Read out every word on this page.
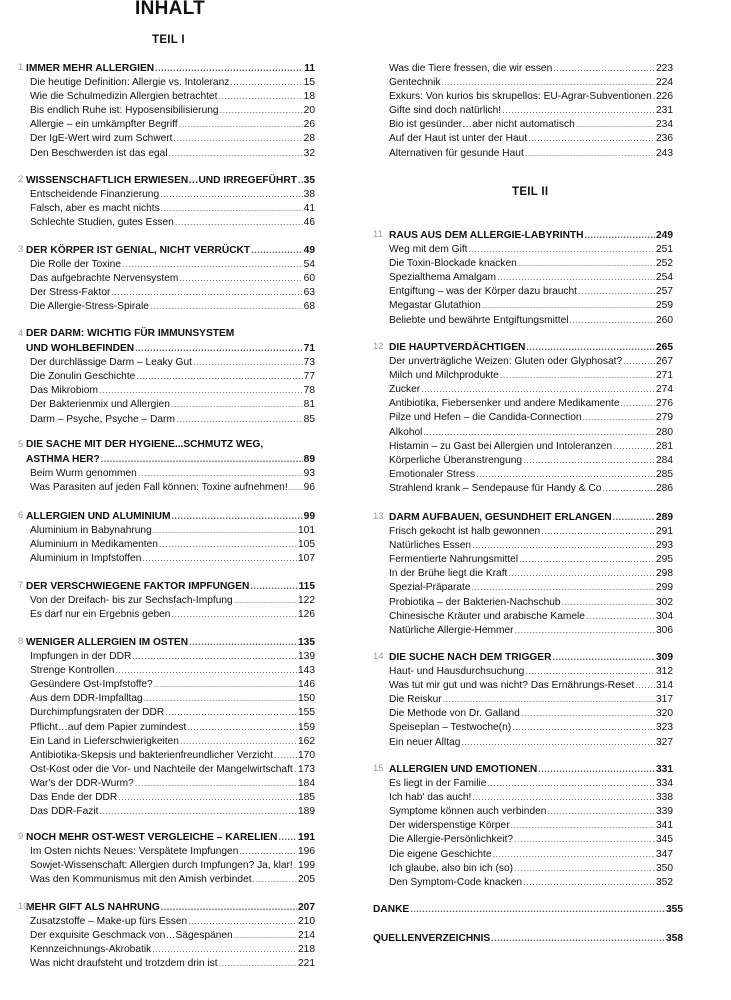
INHALT
TEIL I
1 IMMER MEHR ALLERGIEN .....	11
Die heutige Definition: Allergie vs. Intoleranz .....	15
Wie die Schulmedizin Allergien betrachtet .....	18
Bis endlich Ruhe ist: Hyposensibilisierung .....	20
Allergie – ein umkämpfter Begriff .....	26
Der IgE-Wert wird zum Schwert .....	28
Den Beschwerden ist das egal .....	32
2 WISSENSCHAFTLICH ERWIESEN…UND IRREGEFÜHRT ..... 35
Entscheidende Finanzierung .....	38
Falsch, aber es macht nichts .....	41
Schlechte Studien, gutes Essen .....	46
3 DER KÖRPER IST GENIAL, NICHT VERRÜCKT .....	49
Die Rolle der Toxine .....	54
Das aufgebrachte Nervensystem .....	60
Der Stress-Faktor .....	63
Die Allergie-Stress-Spirale .....	68
4 DER DARM: WICHTIG FÜR IMMUNSYSTEM
UND WOHLBEFINDEN .....	71
Der durchlässige Darm – Leaky Gut .....	73
Die Zonulin Geschichte .....	77
Das Mikrobiom .....	78
Der Bakterienmix und Allergien .....	81
Darm – Psyche, Psyche – Darm .....	85
5 DIE SACHE MIT DER HYGIENE...SCHMUTZ WEG,
ASTHMA HER? .....	89
Beim Wurm genommen .....	93
Was Parasiten auf jeden Fall können: Toxine aufnehmen! ..... 96
6 ALLERGIEN UND ALUMINIUM .....	99
Aluminium in Babynahrung .....	101
Aluminium in Medikamenten .....	105
Aluminium in Impfstoffen .....	107
7 DER VERSCHWIEGENE FAKTOR IMPFUNGEN .....	115
Von der Dreifach- bis zur Sechsfach-Impfung .....	122
Es darf nur ein Ergebnis geben .....	126
8 WENIGER ALLERGIEN IM OSTEN .....	135
Impfungen in der DDR .....	139
Strenge Kontrollen .....	143
Gesündere Ost-Impfstoffe? .....	146
Aus dem DDR-Impfalltag .....	150
Durchimpfungsraten der DDR .....	155
Pflicht…auf dem Papier zumindest .....	159
Ein Land in Lieferschwierigkeiten .....	162
Antibiotika-Skepsis und bakterienfreundlicher Verzicht ..... 170
Ost-Kost oder die Vor- und Nachteile der Mangelwirtschaft ..... 173
War's der DDR-Wurm? .....	184
Das Ende der DDR .....	185
Das DDR-Fazit .....	189
9 NOCH MEHR OST-WEST VERGLEICHE – KARELIEN ..... 191
Im Osten nichts Neues: Verspätete Impfungen .....	196
Sowjet-Wissenschaft: Allergien durch Impfungen? Ja, klar! ..... 199
Was den Kommunismus mit den Amish verbindet .....	205
10
MEHR GIFT ALS NAHRUNG .....	207
Zusatzstoffe – Make-up fürs Essen .....	210
Der exquisite Geschmack von…Sägespänen .....	214
Kennzeichnungs-Akrobatik .....	218
Was nicht draufsteht und trotzdem drin ist .....	221
TEIL II
Was die Tiere fressen, die wir essen .....	223
Gentechnik .....	224
Exkurs: Von kurios bis skrupellos: EU-Agrar-Subventionen ..... 226
Gifte sind doch natürlich! .....	231
Bio ist gesünder…aber nicht automatisch .....	234
Auf der Haut ist unter der Haut .....	236
Alternativen für gesunde Haut .....	243
11 RAUS AUS DEM ALLERGIE-LABYRINTH .....	249
Weg mit dem Gift .....	251
Die Toxin-Blockade knacken .....	252
Spezialthema Amalgam .....	254
Entgiftung – was der Körper dazu braucht .....	257
Megastar Glutathion .....	259
Beliebte und bewährte Entgiftungsmittel .....	260
12 DIE HAUPTVERDÄCHTIGEN .....	265
Der unverträgliche Weizen: Gluten oder Glyphosat? .....	267
Milch und Milchprodukte .....	271
Zucker .....	274
Antibiotika, Fiebersenker und andere Medikamente .....	276
Pilze und Hefen – die Candida-Connection .....	279
Alkohol .....	280
Histamin – zu Gast bei Allergien und Intoleranzen .....	281
Körperliche Überanstrengung .....	284
Emotionaler Stress .....	285
Strahlend krank – Sendepause für Handy & Co .....	286
13 DARM AUFBAUEN, GESUNDHEIT ERLANGEN .....	289
Frisch gekocht ist halb gewonnen .....	291
Natürliches Essen .....	293
Fermentierte Nahrungsmittel .....	295
In der Brühe liegt die Kraft .....	298
Spezial-Präparate .....	299
Probiotika – der Bakterien-Nachschub .....	302
Chinesische Kräuter und arabische Kamele .....	304
Natürliche Allergie-Hemmer .....	306
14 DIE SUCHE NACH DEM TRIGGER .....	309
Haut- und Hausdurchsuchung .....	312
Was tut mir gut und was nicht? Das Ernährungs-Reset ..... 314
Die Reiskur .....	317
Die Methode von Dr. Galland .....	320
Speiseplan – Testwoche(n) .....	323
Ein neuer Alltag .....	327
15 ALLERGIEN UND EMOTIONEN .....	331
Es liegt in der Familie .....	334
Ich hab' das auch! .....	338
Symptome können auch verbinden .....	339
Der widerspenstige Körper .....	341
Die Allergie-Persönlichkeit? .....	345
Die eigene Geschichte .....	347
Ich glaube, also bin ich (so) .....	350
Den Symptom-Code knacken .....	352
DANKE .....	355
QUELLENVERZEICHNIS .....	358
